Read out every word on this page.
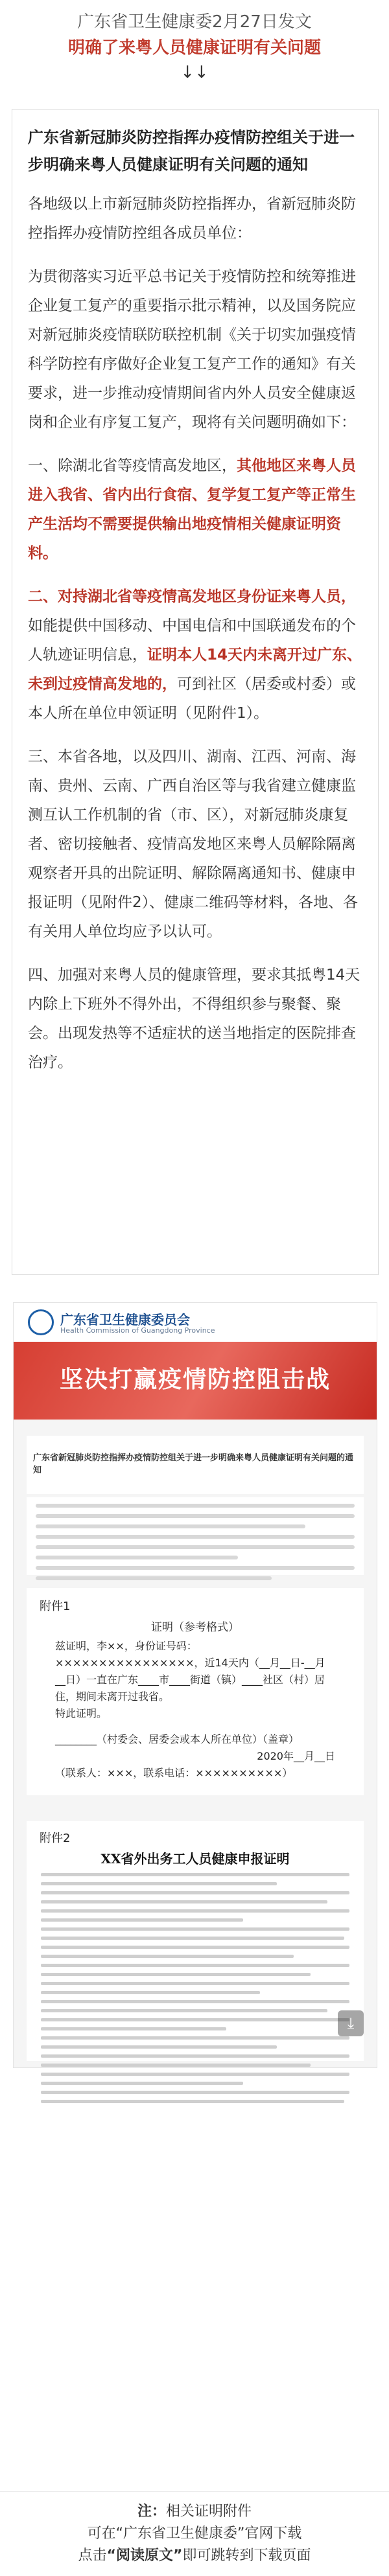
广东省卫生健康委2月27日发文
明确了来粤人员健康证明有关问题
↓↓
广东省新冠肺炎防控指挥办疫情防控组关于进一步明确来粤人员健康证明有关问题的通知

各地级以上市新冠肺炎防控指挥办，省新冠肺炎防控指挥办疫情防控组各成员单位：

为贯彻落实习近平总书记关于疫情防控和统筹推进企业复工复产的重要指示批示精神，以及国务院应对新冠肺炎疫情联防联控机制《关于切实加强疫情科学防控有序做好企业复工复产工作的通知》有关要求，进一步推动疫情期间省内外人员安全健康返岗和企业有序复工复产，现将有关问题明确如下：

一、除湖北省等疫情高发地区，其他地区来粤人员进入我省、省内出行食宿、复学复工复产等正常生产生活均不需要提供输出地疫情相关健康证明资料。

二、对持湖北省等疫情高发地区身份证来粤人员，如能提供中国移动、中国电信和中国联通发布的个人轨迹证明信息，证明本人14天内未离开过广东、未到过疫情高发地的，可到社区（居委或村委）或本人所在单位申领证明（见附件1）。

三、本省各地，以及四川、湖南、江西、河南、海南、贵州、云南、广西自治区等与我省建立健康监测互认工作机制的省（市、区），对新冠肺炎康复者、密切接触者、疫情高发地区来粤人员解除隔离观察者开具的出院证明、解除隔离通知书、健康申报证明（见附件2）、健康二维码等材料，各地、各有关用人单位均应予以认可。

四、加强对来粤人员的健康管理，要求其抵粤14天内除上下班外不得外出，不得组织参与聚餐、聚会。出现发热等不适症状的送当地指定的医院排查治疗。

广东省卫生健康委员会
Health Commission of Guangdong Province
坚决打赢疫情防控阻击战

广东省新冠肺炎防控指挥办疫情防控组关于进一步明确来粤人员健康证明有关问题的通知

附件1
证明（参考格式）
兹证明，李××，身份证号码：××××××××××××××××，近14天内（__月__日-__月__日）一直在广东____市____街道（镇）____社区（村）居住，期间未离开过我省。
特此证明。
________（村委会、居委会或本人所在单位）（盖章）
2020年__月__日
（联系人：×××，联系电话：××××××××××）
附件2
XX省外出务工人员健康申报证明
⤓
注：相关证明附件
可在“广东省卫生健康委”官网下载
点击“阅读原文”即可跳转到下载页面
